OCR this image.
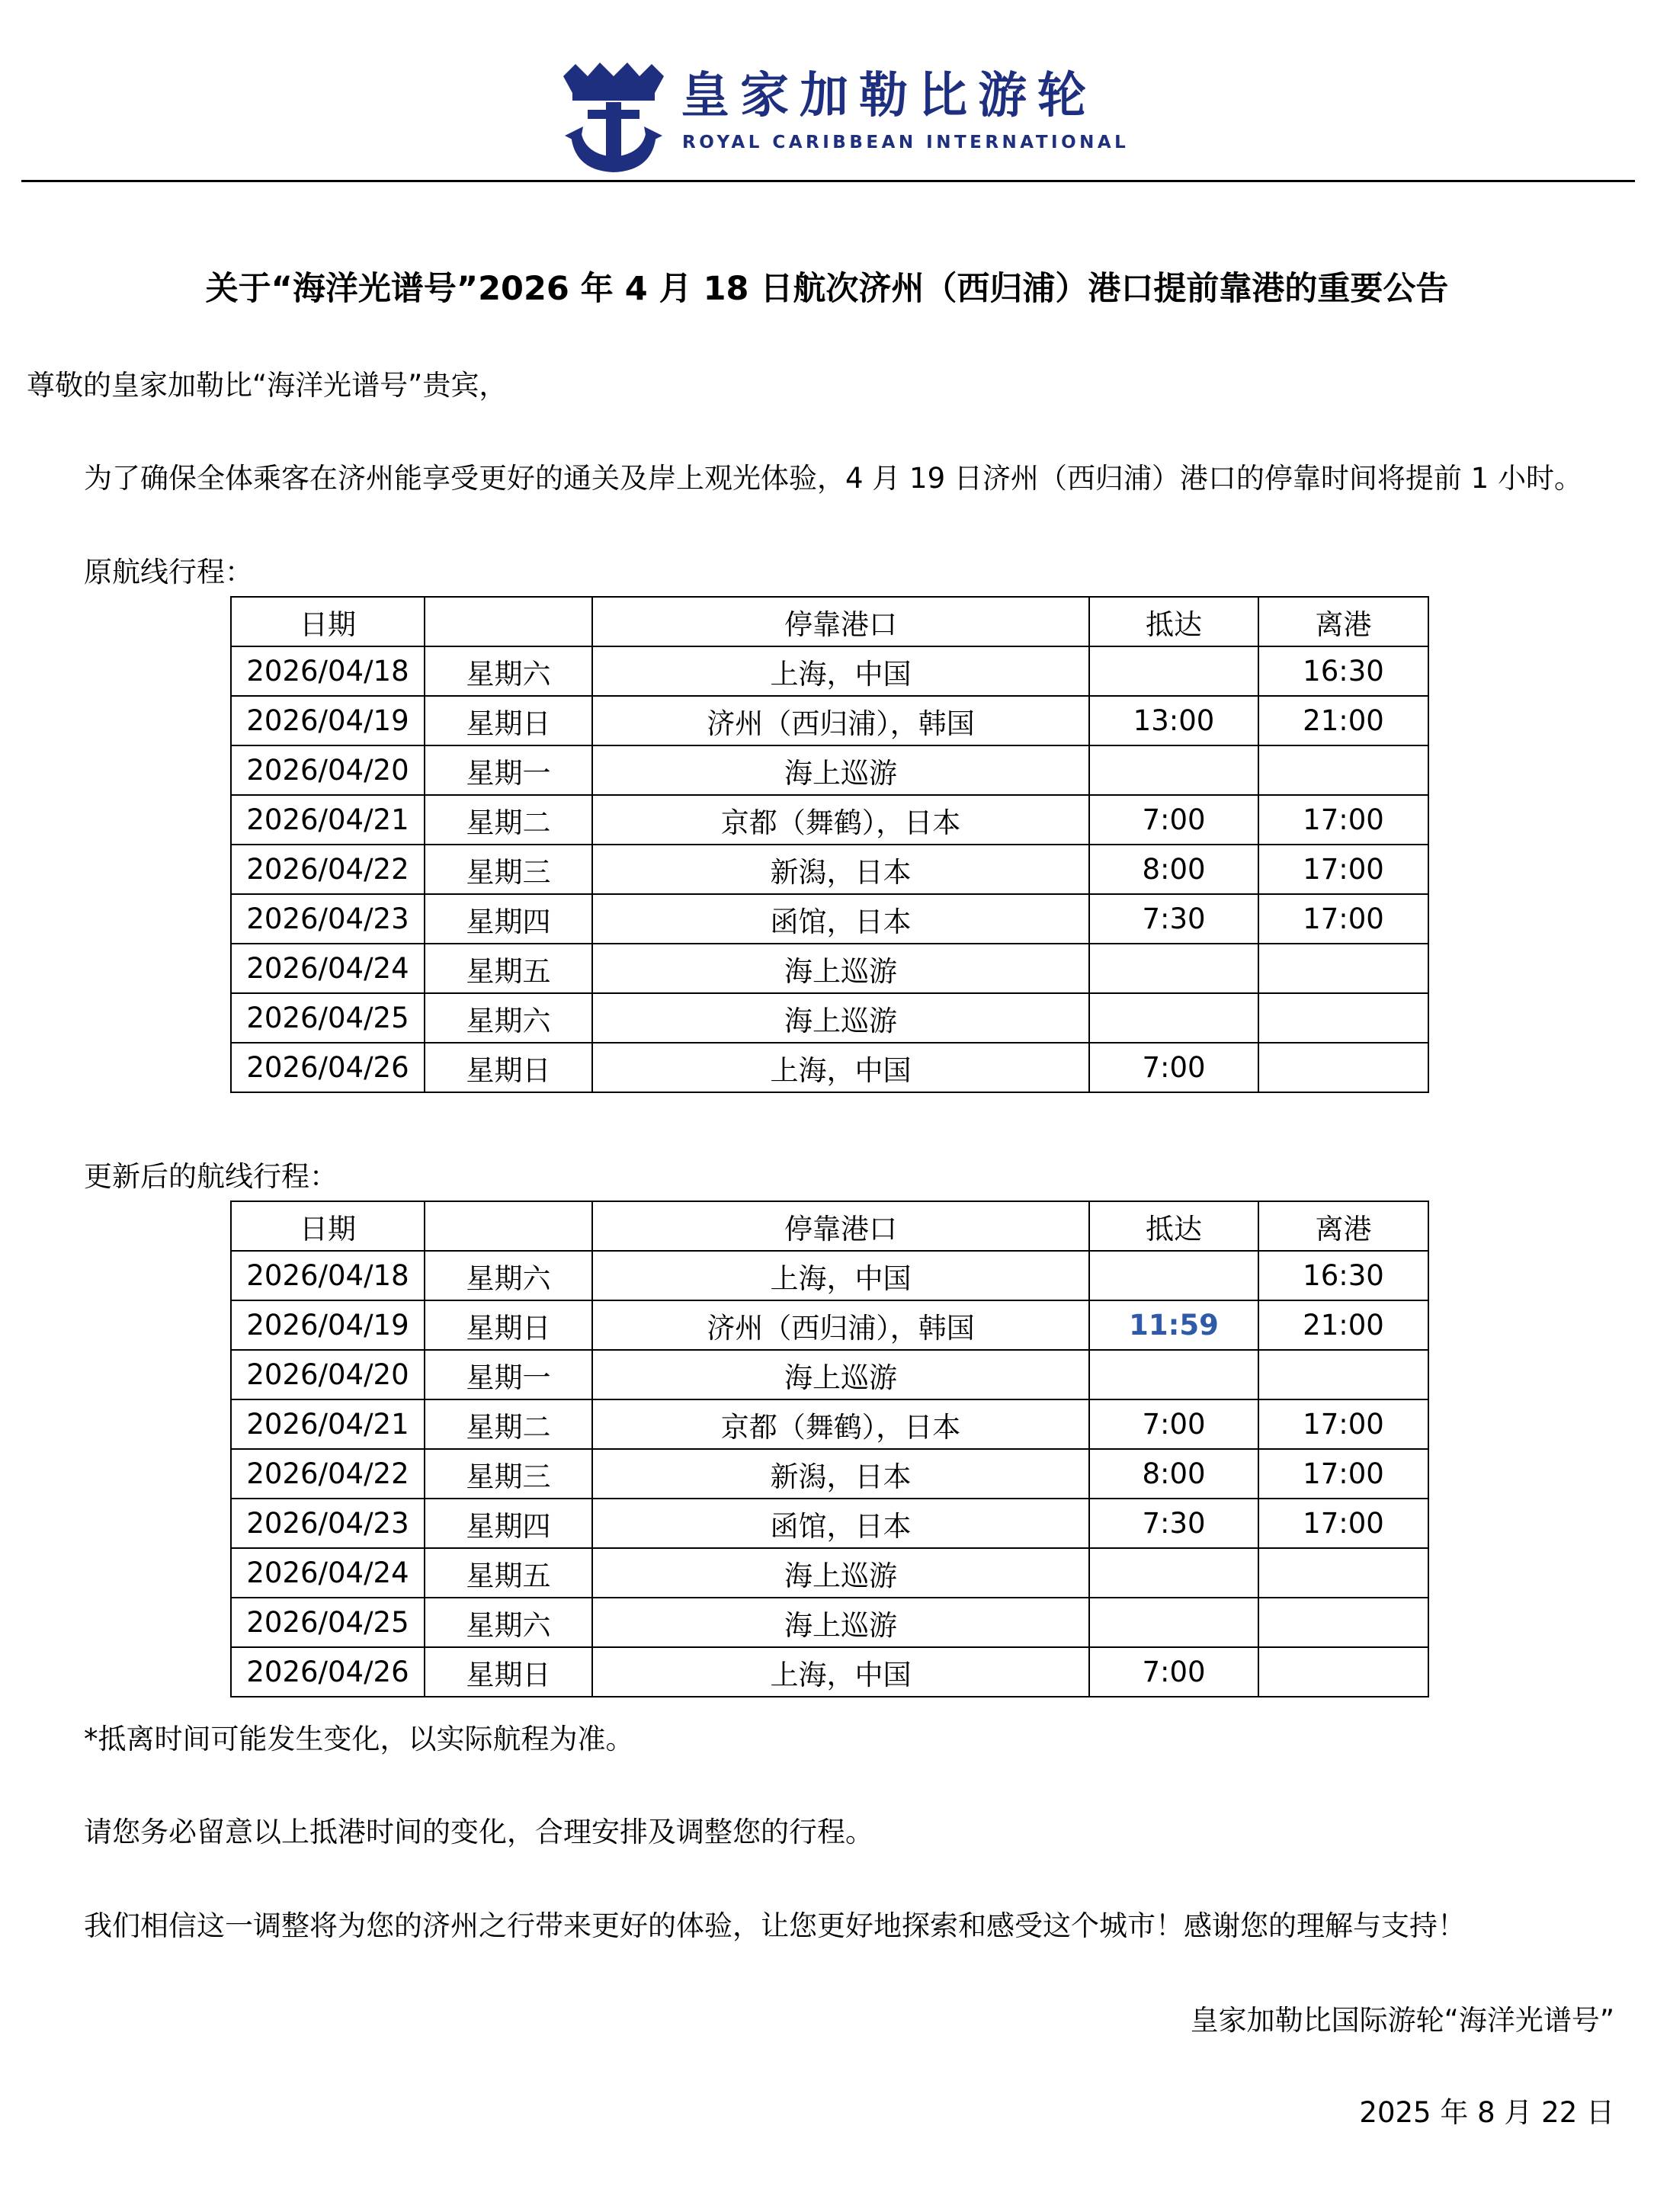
皇家加勒比游轮
ROYAL CARIBBEAN INTERNATIONAL
关于“海洋光谱号”2026 年 4 月 18 日航次济州（西归浦）港口提前靠港的重要公告
尊敬的皇家加勒比“海洋光谱号”贵宾，
为了确保全体乘客在济州能享受更好的通关及岸上观光体验，4 月 19 日济州（西归浦）港口的停靠时间将提前 1 小时。
原航线行程：
日期		停靠港口	抵达	离港
2026/04/18	星期六	上海，中国		16:30
2026/04/19	星期日	济州（西归浦），韩国	13:00	21:00
2026/04/20	星期一	海上巡游		
2026/04/21	星期二	京都（舞鹤），日本	7:00	17:00
2026/04/22	星期三	新潟，日本	8:00	17:00
2026/04/23	星期四	函馆，日本	7:30	17:00
2026/04/24	星期五	海上巡游		
2026/04/25	星期六	海上巡游		
2026/04/26	星期日	上海，中国	7:00	
更新后的航线行程：
日期		停靠港口	抵达	离港
2026/04/18	星期六	上海，中国		16:30
2026/04/19	星期日	济州（西归浦），韩国	11:59	21:00
2026/04/20	星期一	海上巡游		
2026/04/21	星期二	京都（舞鹤），日本	7:00	17:00
2026/04/22	星期三	新潟，日本	8:00	17:00
2026/04/23	星期四	函馆，日本	7:30	17:00
2026/04/24	星期五	海上巡游		
2026/04/25	星期六	海上巡游		
2026/04/26	星期日	上海，中国	7:00	
*抵离时间可能发生变化，以实际航程为准。
请您务必留意以上抵港时间的变化，合理安排及调整您的行程。
我们相信这一调整将为您的济州之行带来更好的体验，让您更好地探索和感受这个城市！感谢您的理解与支持！
皇家加勒比国际游轮“海洋光谱号”
2025 年 8 月 22 日
